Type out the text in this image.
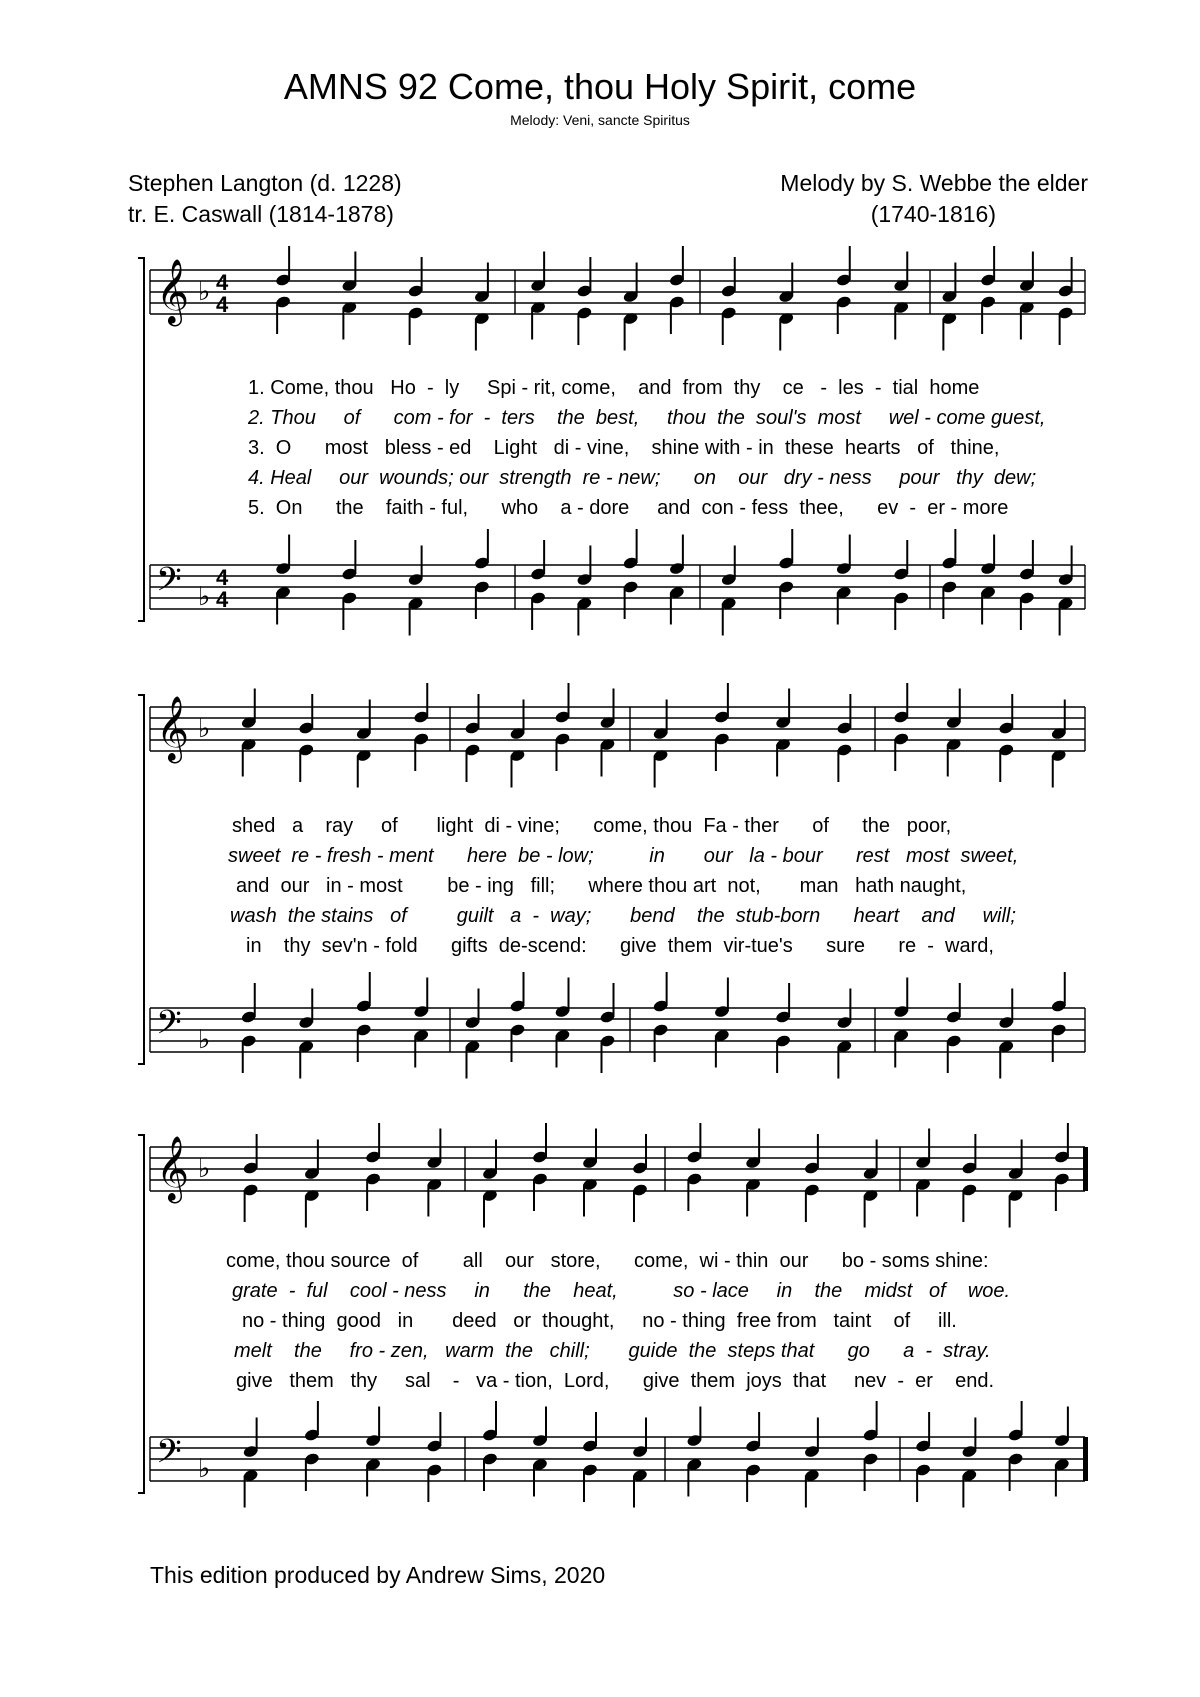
AMNS 92 Come, thou Holy Spirit, come
Melody: Veni, sancte Spiritus
Stephen Langton (d. 1228)
tr. E. Caswall (1814-1878)
Melody by S. Webbe the elder
(1740-1816)
𝄞 ♭ 4
4
𝄢 ♭
4
4
𝄞 ♭
𝄢 ♭
𝄞 ♭
𝄢 ♭
1. Come, thou   Ho  -  ly     Spi - rit, come,    and  from  thy    ce   -  les  -  tial  home
2. Thou     of      com - for  -  ters    the  best,     thou  the  soul's  most     wel - come guest,
3.  O      most   bless - ed    Light   di - vine,    shine with - in  these  hearts   of   thine,
4. Heal     our  wounds; our  strength  re - new;      on    our   dry - ness     pour   thy  dew;
5.  On      the    faith - ful,      who    a - dore     and  con - fess  thee,      ev  -  er - more
shed   a    ray     of       light  di - vine;      come, thou  Fa - ther      of      the   poor,
sweet  re - fresh - ment      here  be - low;          in       our   la - bour      rest   most  sweet,
and  our   in - most        be - ing   fill;      where thou art  not,       man   hath naught,
wash  the stains   of         guilt   a  -  way;       bend    the  stub-born      heart    and     will;
in    thy  sev'n - fold      gifts  de-scend:      give  them  vir-tue's      sure      re  -  ward,
come, thou source  of        all    our   store,      come,  wi - thin  our      bo - soms shine:
grate  -  ful    cool - ness     in      the    heat,          so - lace     in    the    midst   of    woe.
no - thing  good   in       deed   or  thought,     no - thing  free from   taint    of     ill.
melt    the     fro - zen,   warm  the   chill;       guide  the  steps that      go      a  -  stray.
give   them   thy     sal    -   va - tion,  Lord,      give  them  joys  that     nev  -  er    end.
This edition produced by Andrew Sims, 2020
